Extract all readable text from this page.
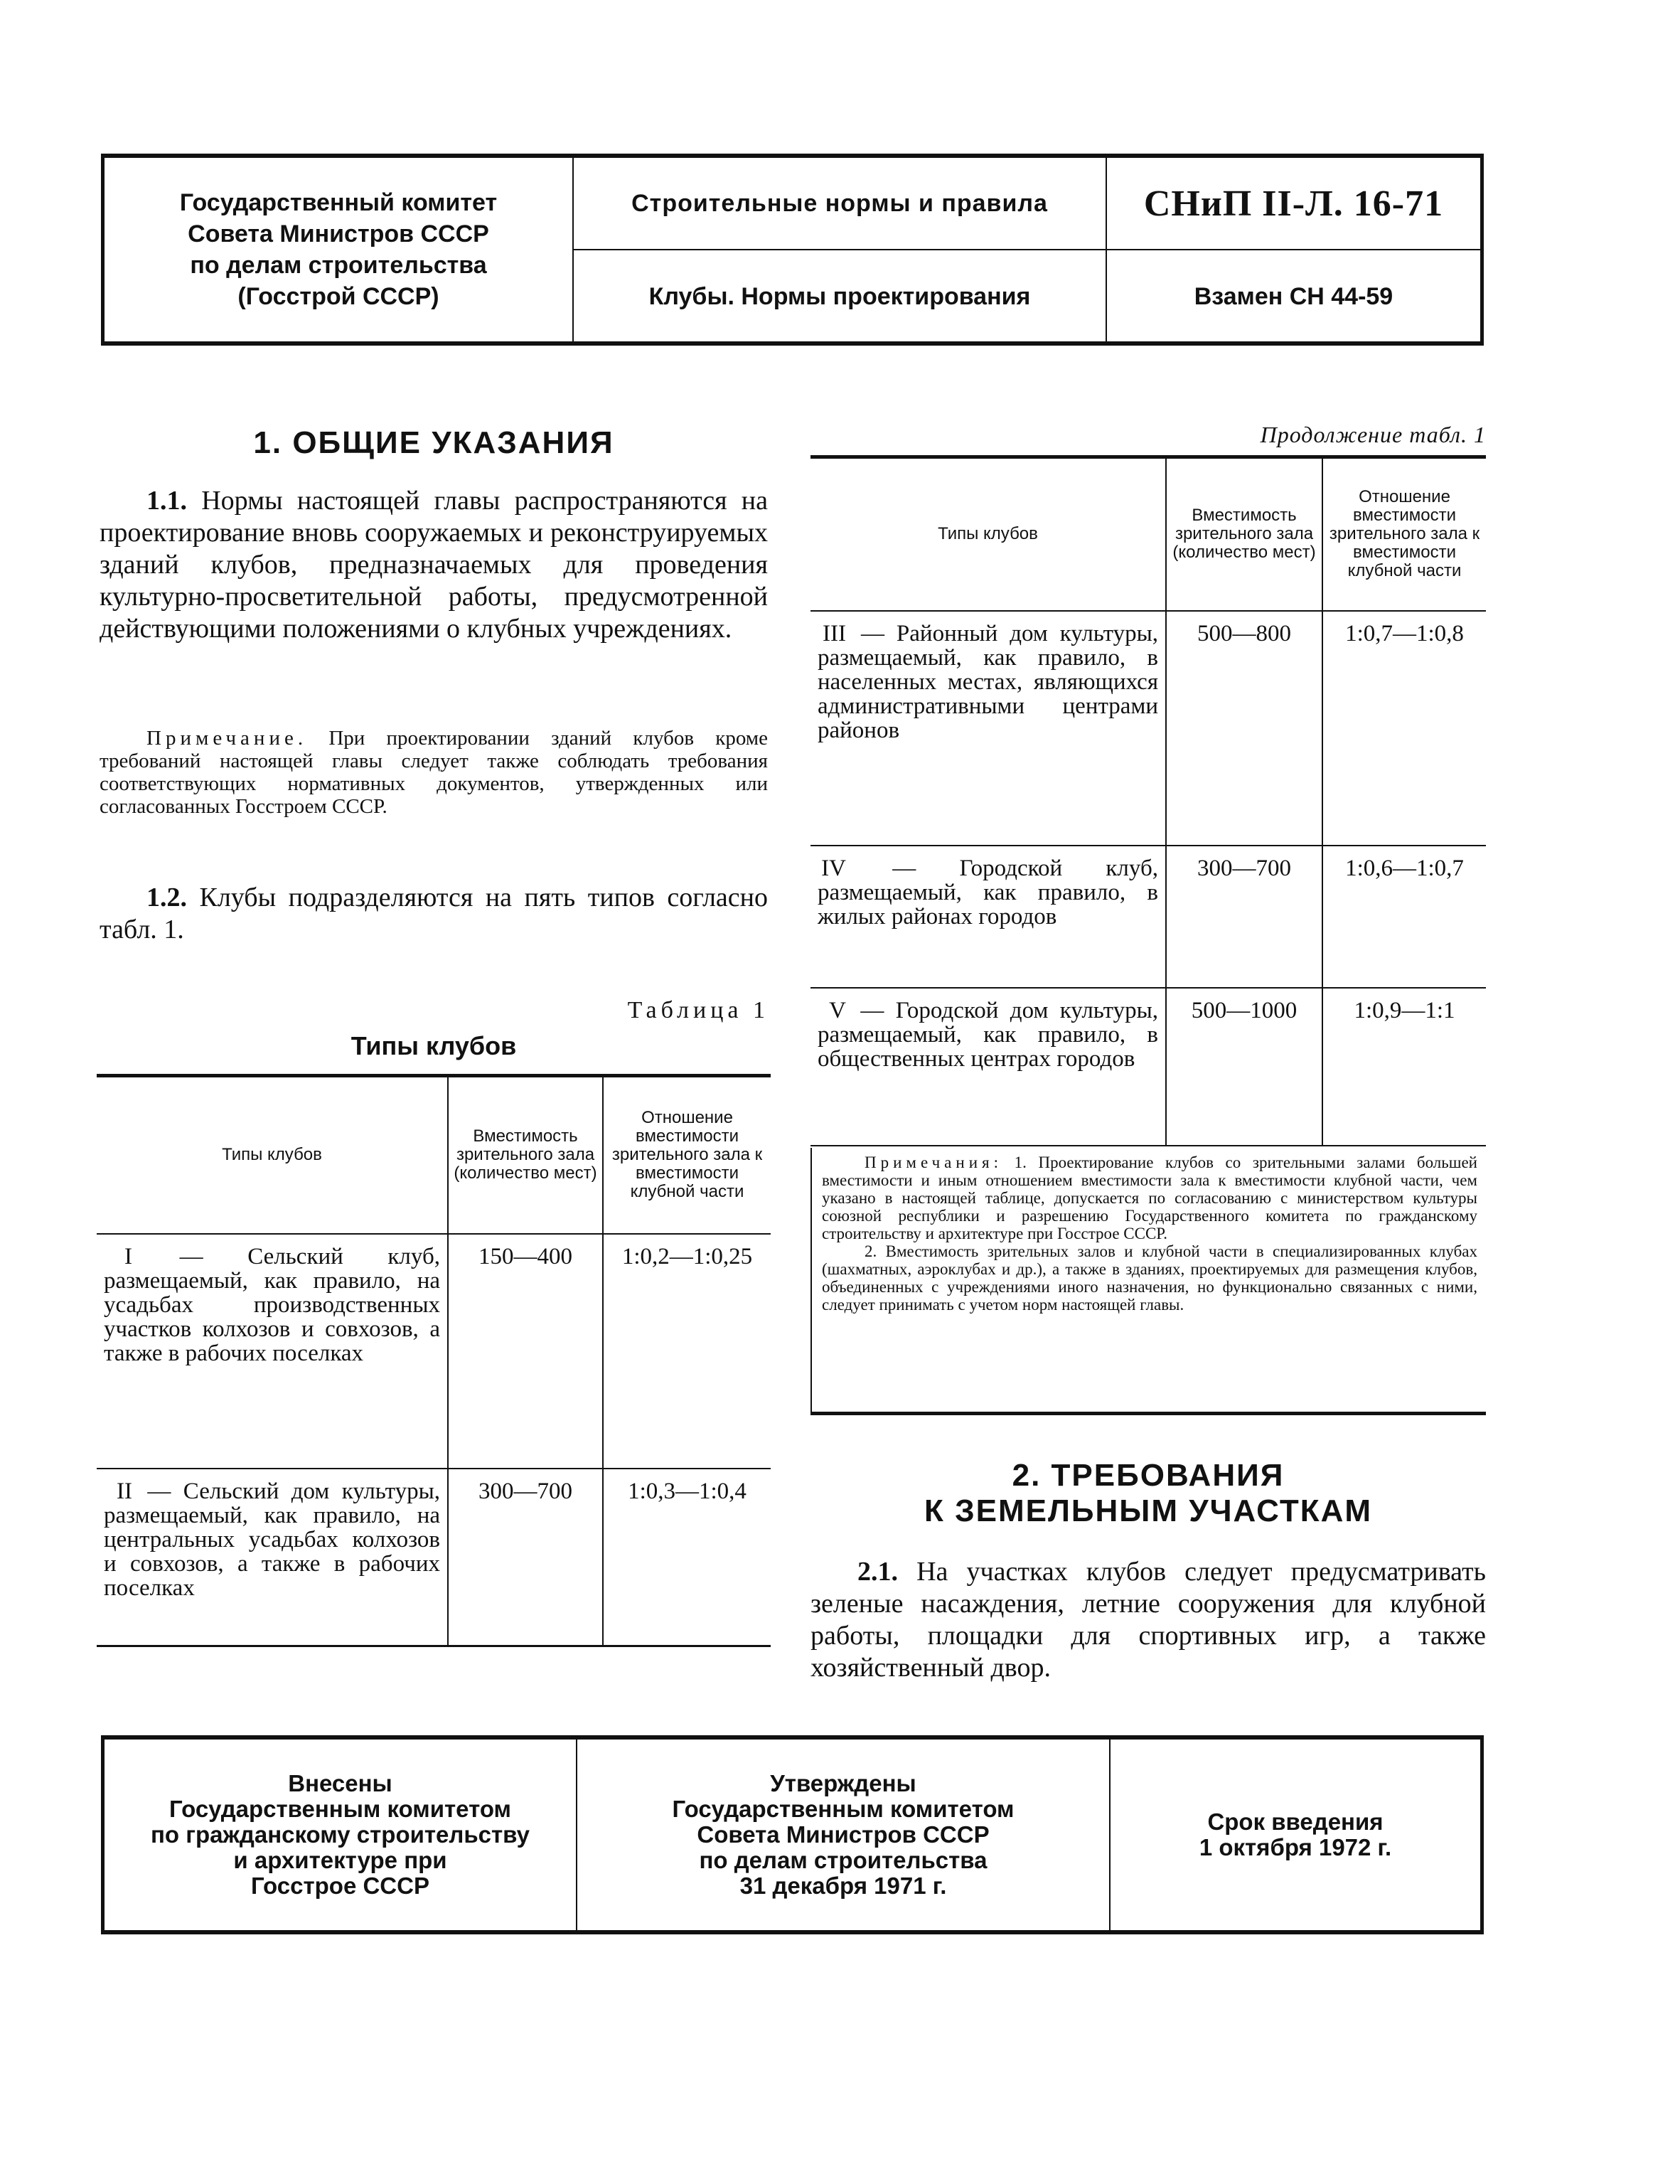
Государственный комитет
Совета Министров СССР
по делам строительства
(Госстрой СССР)
Строительные нормы и правила
Клубы. Нормы проектирования
СНиП II-Л. 16-71
Взамен СН 44-59
1. ОБЩИЕ УКАЗАНИЯ
1.1. Нормы настоящей главы распространяются на проектирование вновь сооружаемых и реконструируемых зданий клубов, предназначаемых для проведения культурно-просветительной работы, предусмотренной действующими положениями о клубных учреждениях.
Примечание. При проектировании зданий клубов кроме требований настоящей главы следует также соблюдать требования соответствующих нормативных документов, утвержденных или согласованных Госстроем СССР.
1.2. Клубы подразделяются на пять типов согласно табл. 1.
Таблица 1
Типы клубов
Типы клубов	Вместимость зрительного зала (количество мест)	Отношение вместимости зрительного зала к вместимости клубной части
I — Сельский клуб, размещаемый, как правило, на усадьбах производственных участков колхозов и совхозов, а также в рабочих поселках	150—400	1:0,2—1:0,25
II — Сельский дом культуры, размещаемый, как правило, на центральных усадьбах колхозов и совхозов, а также в рабочих поселках	300—700	1:0,3—1:0,4
Продолжение табл. 1
Типы клубов	Вместимость зрительного зала (количество мест)	Отношение вместимости зрительного зала к вместимости клубной части
III — Районный дом культуры, размещаемый, как правило, в населенных местах, являющихся административными центрами районов	500—800	1:0,7—1:0,8
IV — Городской клуб, размещаемый, как правило, в жилых районах городов	300—700	1:0,6—1:0,7
V — Городской дом культуры, размещаемый, как правило, в общественных центрах городов	500—1000	1:0,9—1:1

Примечания: 1. Проектирование клубов со зрительными залами большей вместимости и иным отношением вместимости зала к вместимости клубной части, чем указано в настоящей таблице, допускается по согласованию с министерством культуры союзной республики и разрешению Государственного комитета по гражданскому строительству и архитектуре при Госстрое СССР.

2. Вместимость зрительных залов и клубной части в специализированных клубах (шахматных, аэроклубах и др.), а также в зданиях, проектируемых для размещения клубов, объединенных с учреждениями иного назначения, но функционально связанных с ними, следует принимать с учетом норм настоящей главы.

2. ТРЕБОВАНИЯ
К ЗЕМЕЛЬНЫМ УЧАСТКАМ
2.1. На участках клубов следует предусматривать зеленые насаждения, летние сооружения для клубной работы, площадки для спортивных игр, а также хозяйственный двор.
Внесены
Государственным комитетом
по гражданскому строительству
и архитектуре при
Госстрое СССР
Утверждены
Государственным комитетом
Совета Министров СССР
по делам строительства
31 декабря 1971 г.
Срок введения
1 октября 1972 г.
